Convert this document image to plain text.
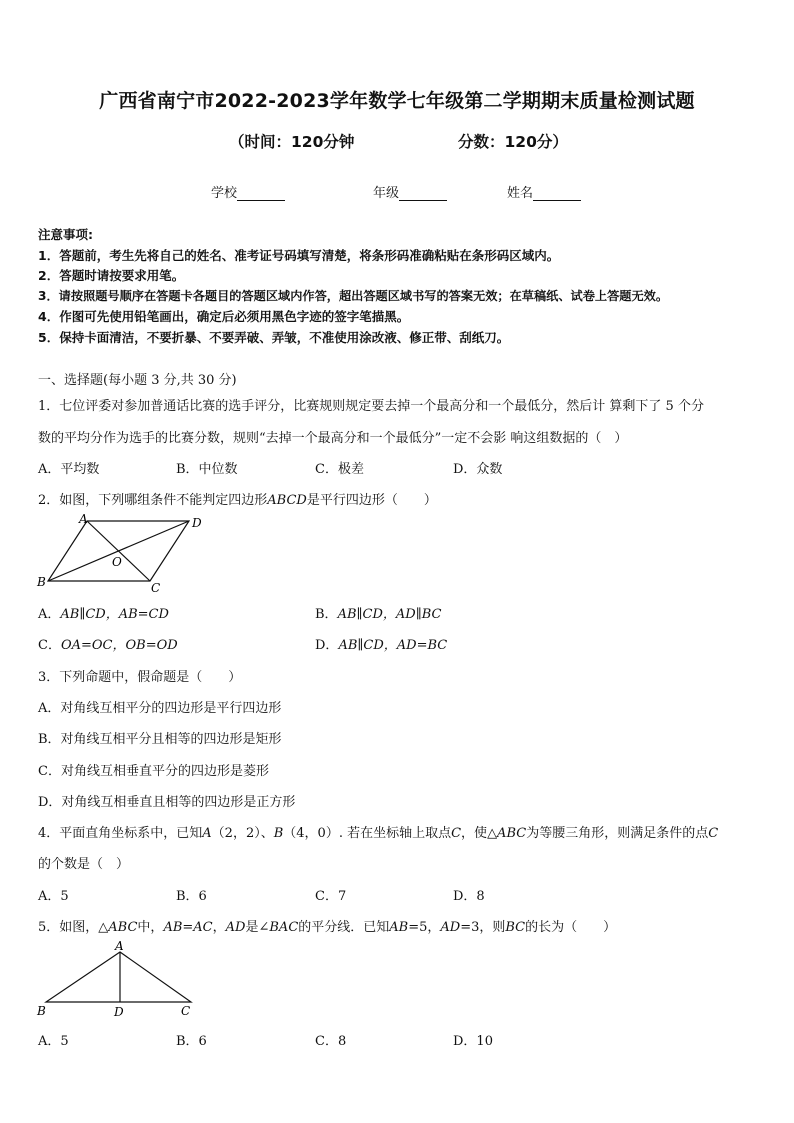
广西省南宁市2022-2023学年数学七年级第二学期期末质量检测试题
（时间：120分钟	分数：120分）
学校	年级	姓名
注意事项:
1．答题前，考生先将自己的姓名、准考证号码填写清楚，将条形码准确粘贴在条形码区域内。
2．答题时请按要求用笔。
3．请按照题号顺序在答题卡各题目的答题区域内作答，超出答题区域书写的答案无效；在草稿纸、试卷上答题无效。
4．作图可先使用铅笔画出，确定后必须用黑色字迹的签字笔描黑。
5．保持卡面清洁，不要折暴、不要弄破、弄皱，不准使用涂改液、修正带、刮纸刀。
一、选择题(每小题 3 分,共 30 分)
1．七位评委对参加普通话比赛的选手评分，比赛规则规定要去掉一个最高分和一个最低分，然后计 算剩下了 5 个分
数的平均分作为选手的比赛分数，规则“去掉一个最高分和一个最低分”一定不会影 响这组数据的（　）
A．平均数	B．中位数	C．极差	D．众数
2．如图，下列哪组条件不能判定四边形ABCD是平行四边形（　　）
A	D
B	C
O
A．AB∥CD，AB=CD	B．AB∥CD，AD∥BC
C．OA=OC，OB=OD	D．AB∥CD，AD=BC
3．下列命题中，假命题是（　　）
A．对角线互相平分的四边形是平行四边形
B．对角线互相平分且相等的四边形是矩形
C．对角线互相垂直平分的四边形是菱形
D．对角线互相垂直且相等的四边形是正方形
4．平面直角坐标系中，已知A（2，2）、B（4，0）. 若在坐标轴上取点C，使△ABC为等腰三角形，则满足条件的点C
的个数是（　）
A．5	B．6	C．7	D．8
5．如图，△ABC中，AB=AC，AD是∠BAC的平分线．已知AB=5，AD=3，则BC的长为（　　）
A
B	D	C
A．5	B．6	C．8	D．10
